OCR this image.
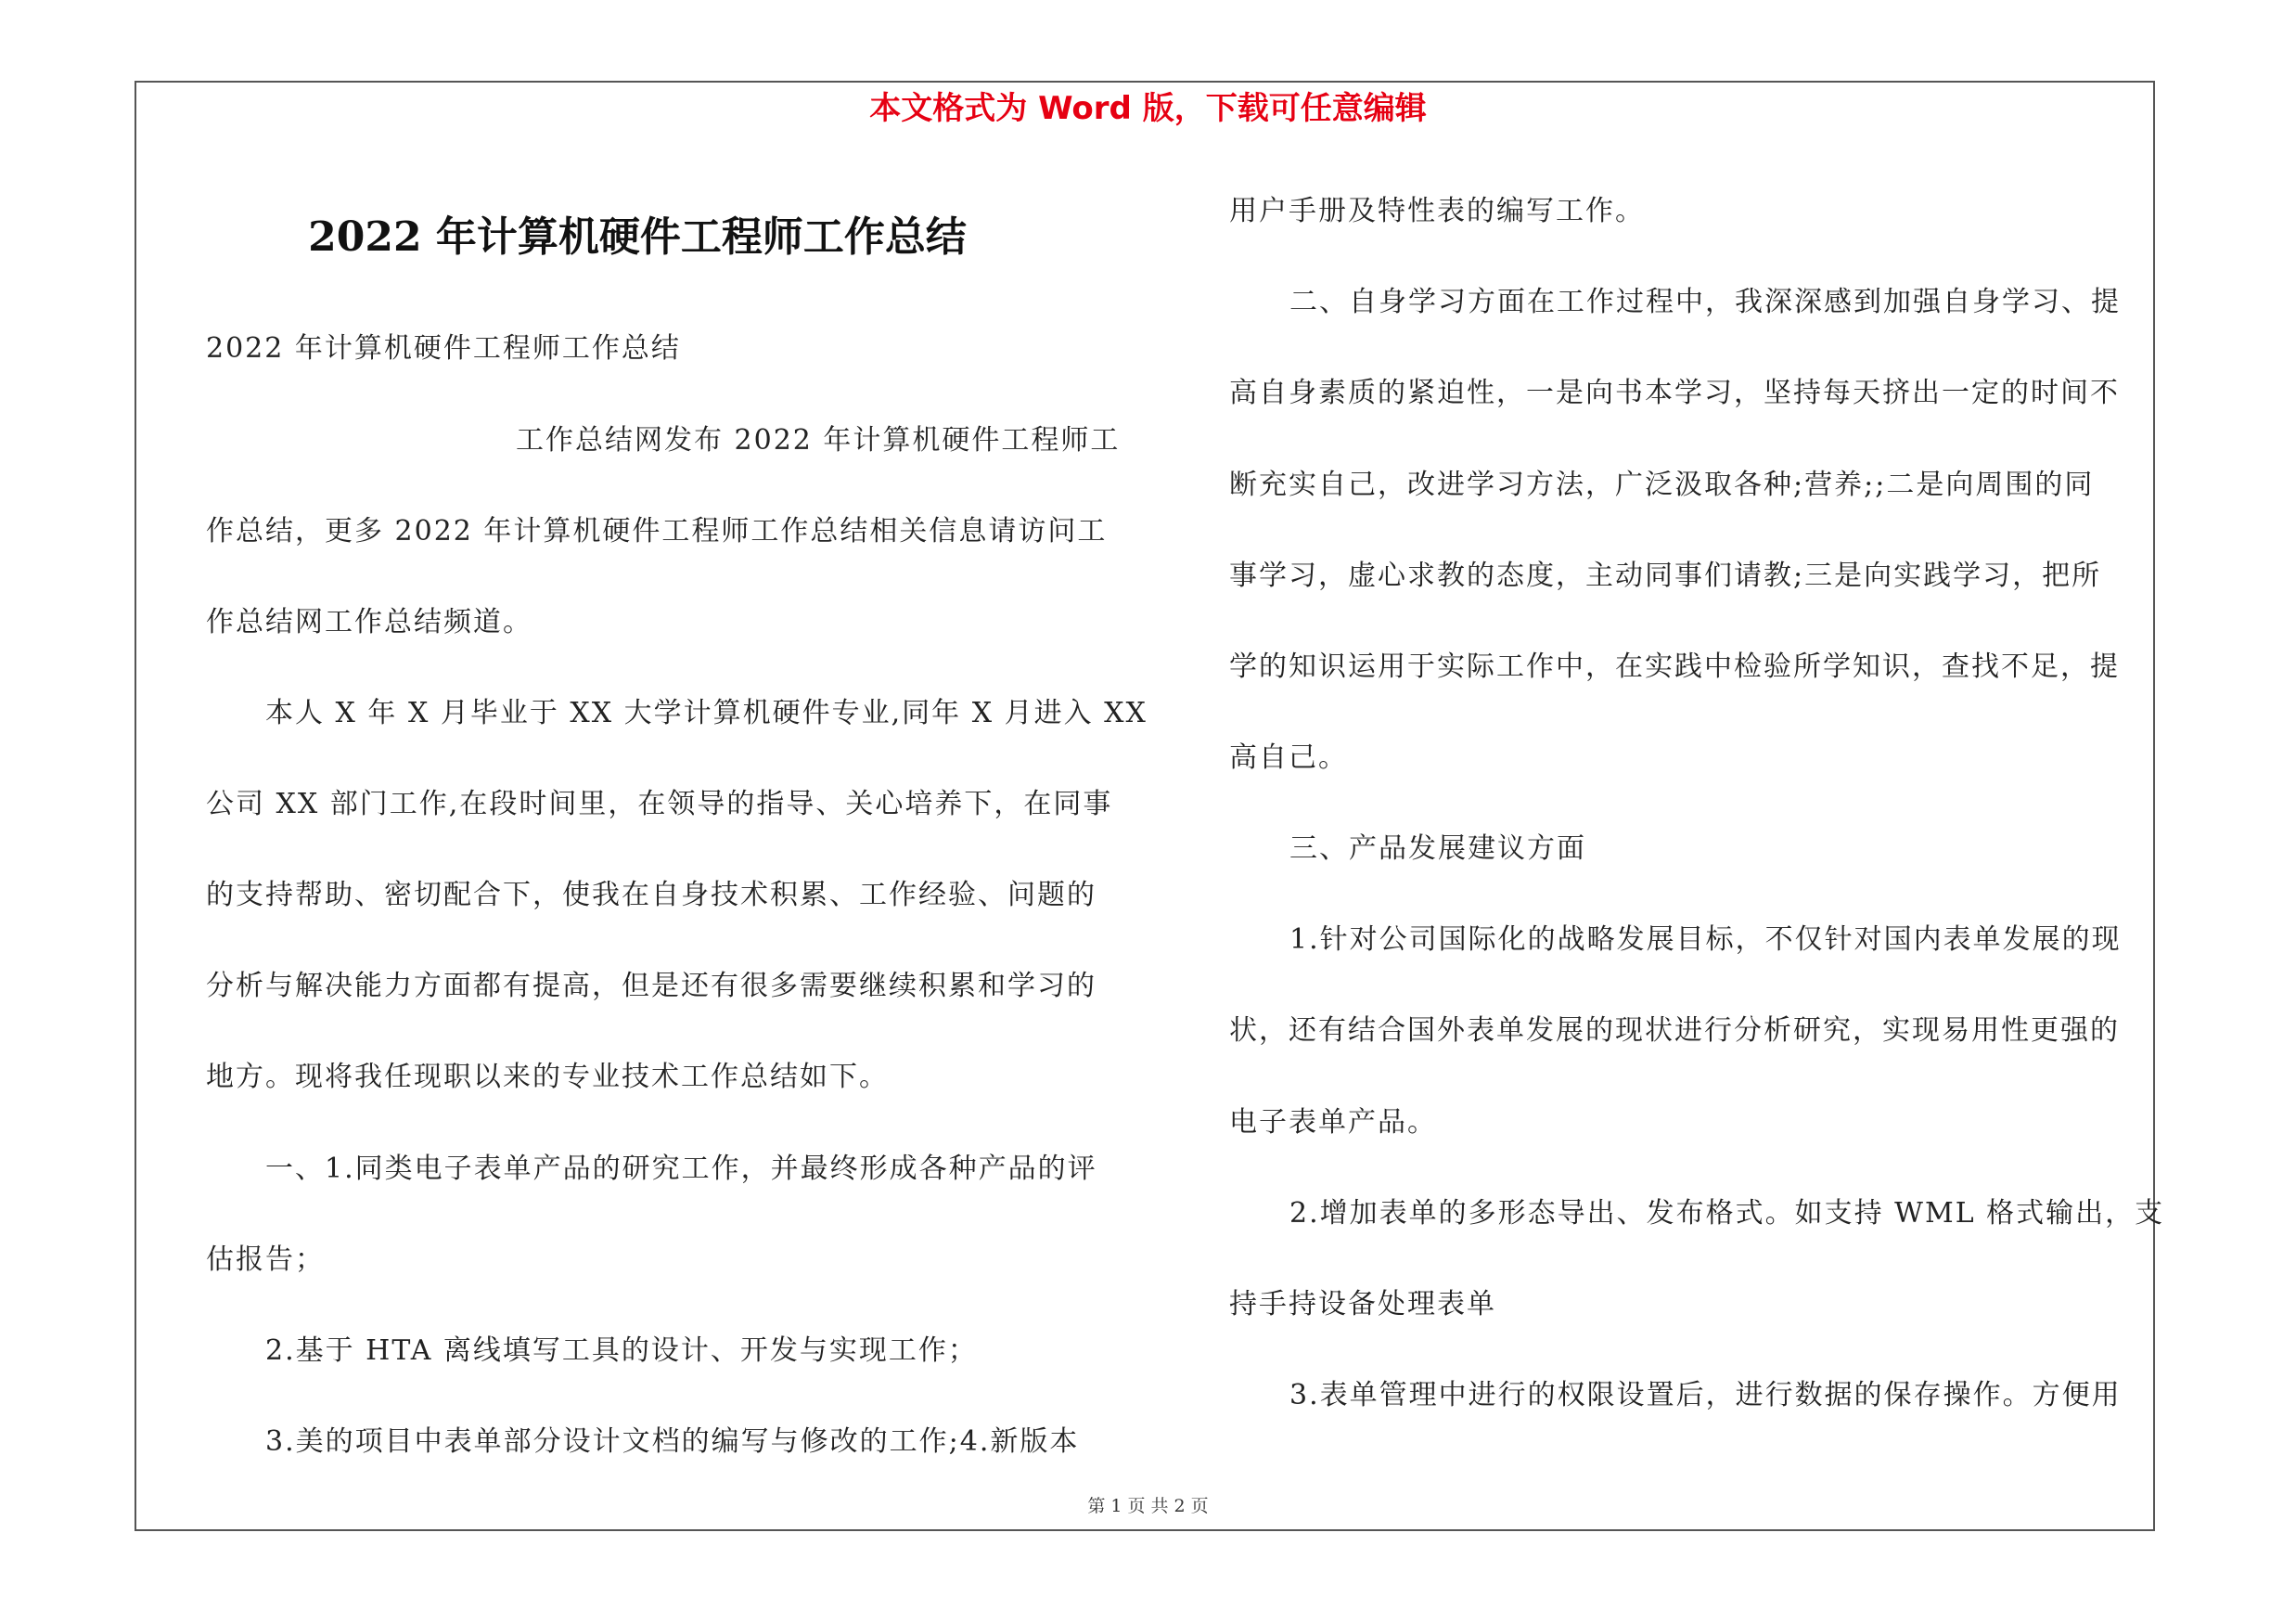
本文格式为 Word 版，下载可任意编辑
2022 年计算机硬件工程师工作总结
2022 年计算机硬件工程师工作总结
工作总结网发布 2022 年计算机硬件工程师工
作总结，更多 2022 年计算机硬件工程师工作总结相关信息请访问工
作总结网工作总结频道。
本人 X 年 X 月毕业于 XX 大学计算机硬件专业,同年 X 月进入 XX
公司 XX 部门工作,在段时间里，在领导的指导、关心培养下，在同事
的支持帮助、密切配合下，使我在自身技术积累、工作经验、问题的
分析与解决能力方面都有提高，但是还有很多需要继续积累和学习的
地方。现将我任现职以来的专业技术工作总结如下。
一、1.同类电子表单产品的研究工作，并最终形成各种产品的评
估报告；
2.基于 HTA 离线填写工具的设计、开发与实现工作；
3.美的项目中表单部分设计文档的编写与修改的工作;4.新版本
用户手册及特性表的编写工作。
二、自身学习方面在工作过程中，我深深感到加强自身学习、提
高自身素质的紧迫性，一是向书本学习，坚持每天挤出一定的时间不
断充实自己，改进学习方法，广泛汲取各种;营养;;二是向周围的同
事学习，虚心求教的态度，主动同事们请教;三是向实践学习，把所
学的知识运用于实际工作中，在实践中检验所学知识，查找不足，提
高自己。
三、产品发展建议方面
1.针对公司国际化的战略发展目标，不仅针对国内表单发展的现
状，还有结合国外表单发展的现状进行分析研究，实现易用性更强的
电子表单产品。
2.增加表单的多形态导出、发布格式。如支持 WML 格式输出，支
持手持设备处理表单
3.表单管理中进行的权限设置后，进行数据的保存操作。方便用
第 1 页 共 2 页
